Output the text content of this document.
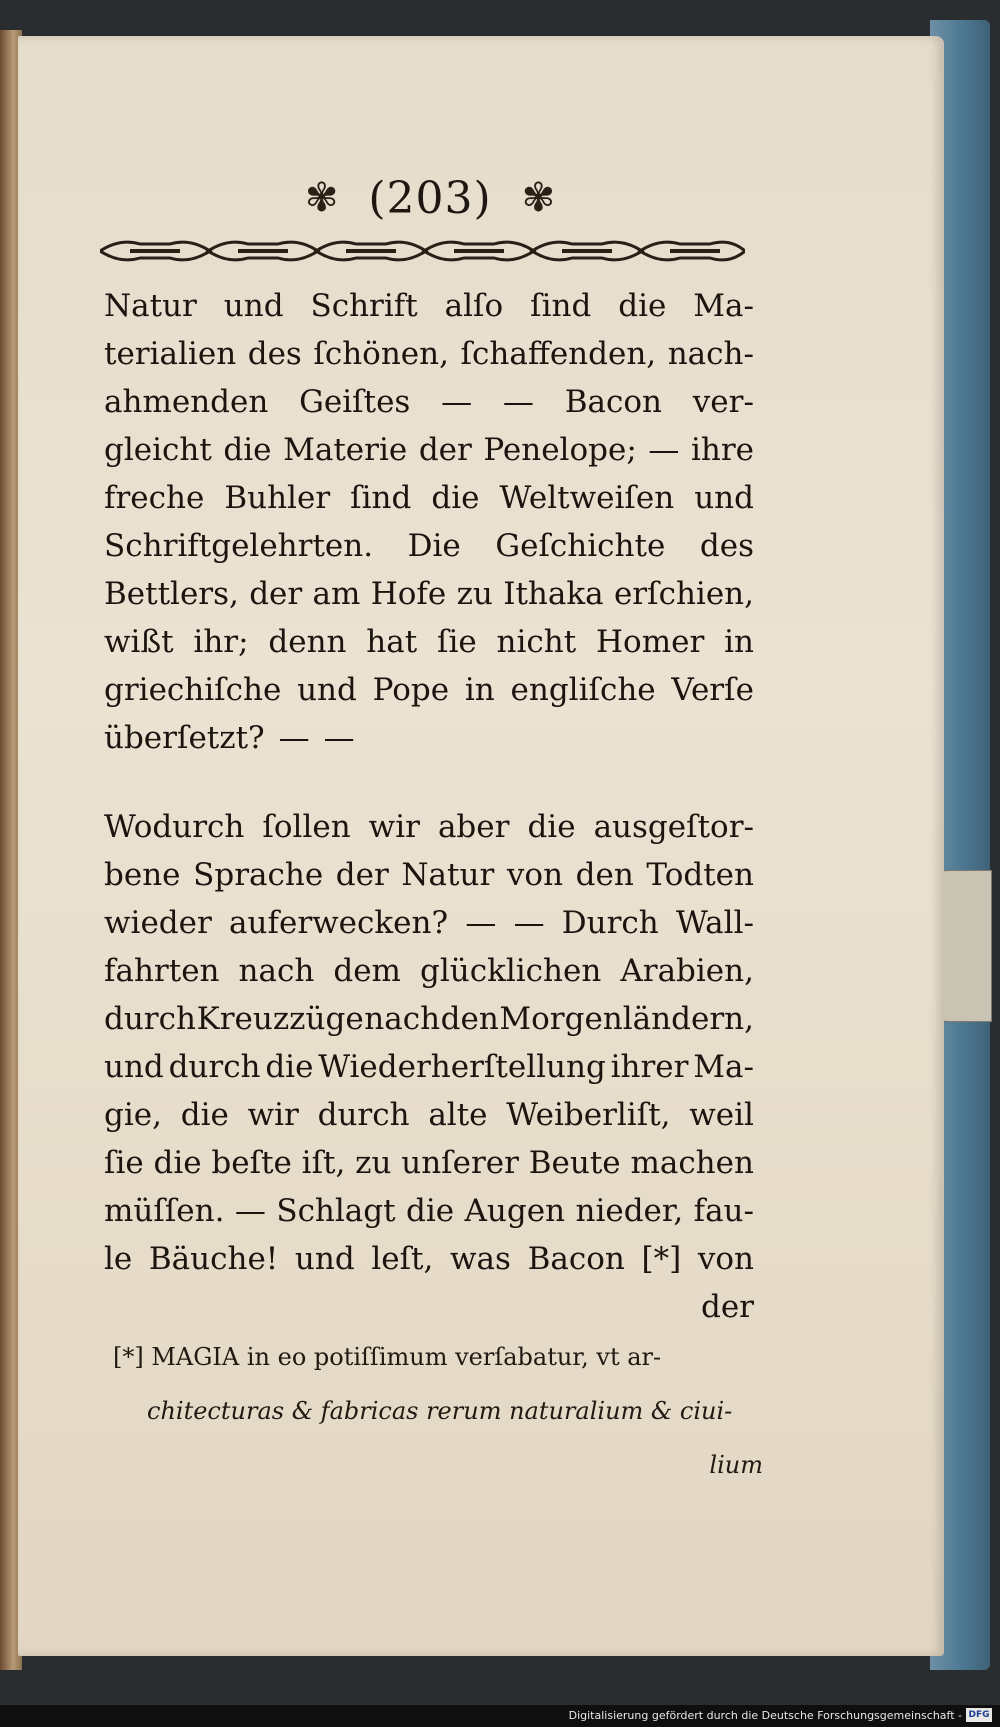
✾ (203) ✾
Natur und Schrift alſo ſind die Ma-
terialien des ſchönen, ſchaffenden, nach-
ahmenden Geiſtes — — Bacon ver-
gleicht die Materie der Penelope; — ihre
freche Buhler ſind die Weltweiſen und
Schriftgelehrten. Die Geſchichte des
Bettlers, der am Hofe zu Ithaka erſchien,
wißt ihr; denn hat ſie nicht Homer in
griechiſche und Pope in engliſche Verſe
überſetzt? — —
Wodurch ſollen wir aber die ausgeſtor-
bene Sprache der Natur von den Todten
wieder auferwecken? — — Durch Wall-
fahrten nach dem glücklichen Arabien,
durch Kreuzzüge nach den Morgenländern,
und durch die Wiederherſtellung ihrer Ma-
gie, die wir durch alte Weiberliſt, weil
ſie die beſte iſt, zu unſerer Beute machen
müſſen. — Schlagt die Augen nieder, fau-
le Bäuche! und leſt, was Bacon [*] von
der
[*] MAGIA in eo potiſſimum verſabatur, vt ar-
chitecturas & fabricas rerum naturalium & ciui-
lium
Digitalisierung gefördert durch die Deutsche Forschungsgemeinschaft - DFG
